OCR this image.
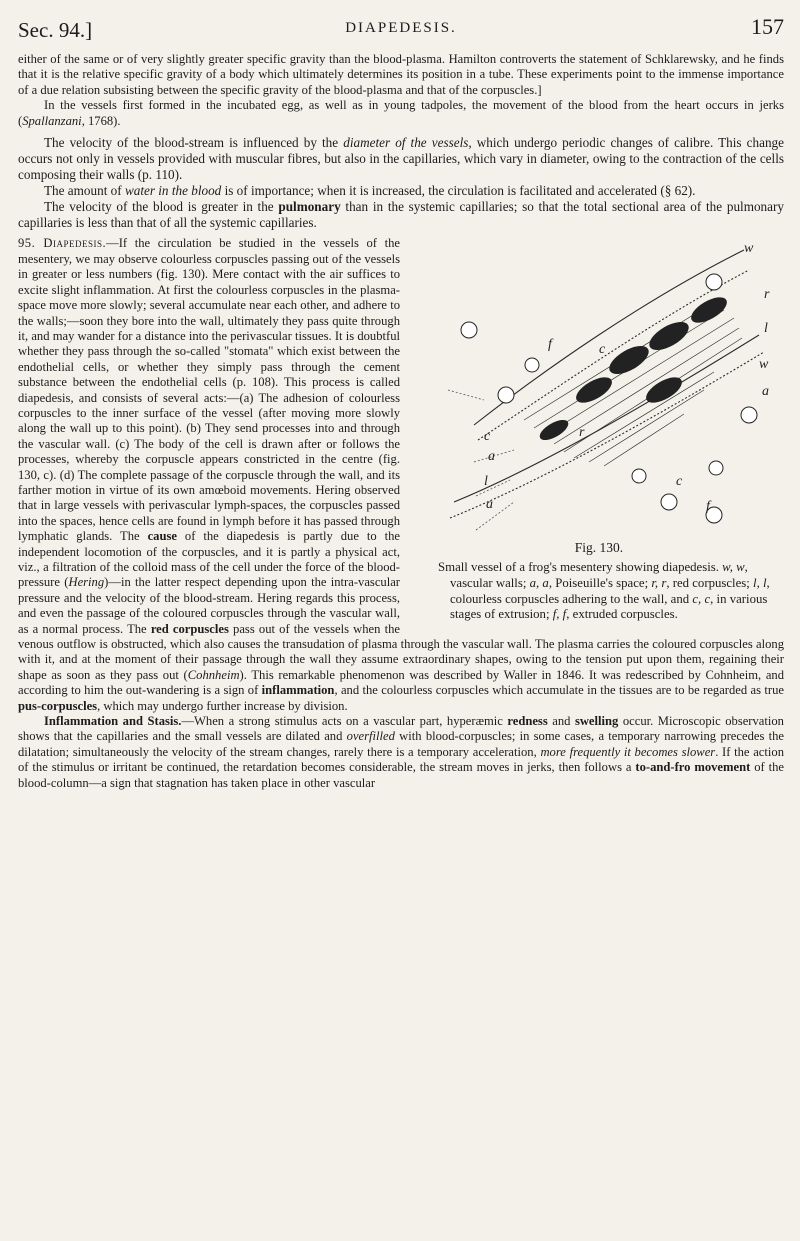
Sec. 94.]	DIAPEDESIS.	157

either of the same or of very slightly greater specific gravity than the blood-plasma. Hamilton controverts the statement of Schklarewsky, and he finds that it is the relative specific gravity of a body which ultimately determines its position in a tube. These experiments point to the immense importance of a due relation subsisting between the specific gravity of the blood-plasma and that of the corpuscles.]

In the vessels first formed in the incubated egg, as well as in young tadpoles, the movement of the blood from the heart occurs in jerks (Spallanzani, 1768).

The velocity of the blood-stream is influenced by the diameter of the vessels, which undergo periodic changes of calibre. This change occurs not only in vessels provided with muscular fibres, but also in the capillaries, which vary in diameter, owing to the contraction of the cells composing their walls (p. 110).

The amount of water in the blood is of importance; when it is increased, the circulation is facilitated and accelerated (§ 62).

The velocity of the blood is greater in the pulmonary than in the systemic capillaries; so that the total sectional area of the pulmonary capillaries is less than that of all the systemic capillaries.

w
w
r
l
c
f
f
l	c
c
a
a
a
r
Fig. 130.
Small vessel of a frog's mesentery showing diapedesis. w, w, vascular walls; a, a, Poiseuille's space; r, r, red corpuscles; l, l, colourless corpuscles adhering to the wall, and c, c, in various stages of extrusion; f, f, extruded corpuscles.

95. Diapedesis.—If the circulation be studied in the vessels of the mesentery, we may observe colourless corpuscles passing out of the vessels in greater or less numbers (fig. 130). Mere contact with the air suffices to excite slight inflammation. At first the colourless corpuscles in the plasma-space move more slowly; several accumulate near each other, and adhere to the walls;—soon they bore into the wall, ultimately they pass quite through it, and may wander for a distance into the perivascular tissues. It is doubtful whether they pass through the so-called "stomata" which exist between the endothelial cells, or whether they simply pass through the cement substance between the endothelial cells (p. 108). This process is called diapedesis, and consists of several acts:—(a) The adhesion of colourless corpuscles to the inner surface of the vessel (after moving more slowly along the wall up to this point). (b) They send processes into and through the vascular wall. (c) The body of the cell is drawn after or follows the processes, whereby the corpuscle appears constricted in the centre (fig. 130, c). (d) The complete passage of the corpuscle through the wall, and its farther motion in virtue of its own amœboid movements. Hering observed that in large vessels with perivascular lymph-spaces, the corpuscles passed into the spaces, hence cells are found in lymph before it has passed through lymphatic glands. The cause of the diapedesis is partly due to the independent locomotion of the corpuscles, and it is partly a physical act, viz., a filtration of the colloid mass of the cell under the force of the blood-pressure (Hering)—in the latter respect depending upon the intra-vascular pressure and the velocity of the blood-stream. Hering regards this process, and even the passage of the coloured corpuscles through the vascular wall, as a normal process. The red corpuscles pass out of the vessels when the venous outflow is obstructed, which also causes the transudation of plasma through the vascular wall. The plasma carries the coloured corpuscles along with it, and at the moment of their passage through the wall they assume extraordinary shapes, owing to the tension put upon them, regaining their shape as soon as they pass out (Cohnheim). This remarkable phenomenon was described by Waller in 1846. It was redescribed by Cohnheim, and according to him the out-wandering is a sign of inflammation, and the colourless corpuscles which accumulate in the tissues are to be regarded as true pus-corpuscles, which may undergo further increase by division.

Inflammation and Stasis.—When a strong stimulus acts on a vascular part, hyperæmic redness and swelling occur. Microscopic observation shows that the capillaries and the small vessels are dilated and overfilled with blood-corpuscles; in some cases, a temporary narrowing precedes the dilatation; simultaneously the velocity of the stream changes, rarely there is a temporary acceleration, more frequently it becomes slower. If the action of the stimulus or irritant be continued, the retardation becomes considerable, the stream moves in jerks, then follows a to-and-fro movement of the blood-column—a sign that stagnation has taken place in other vascular
